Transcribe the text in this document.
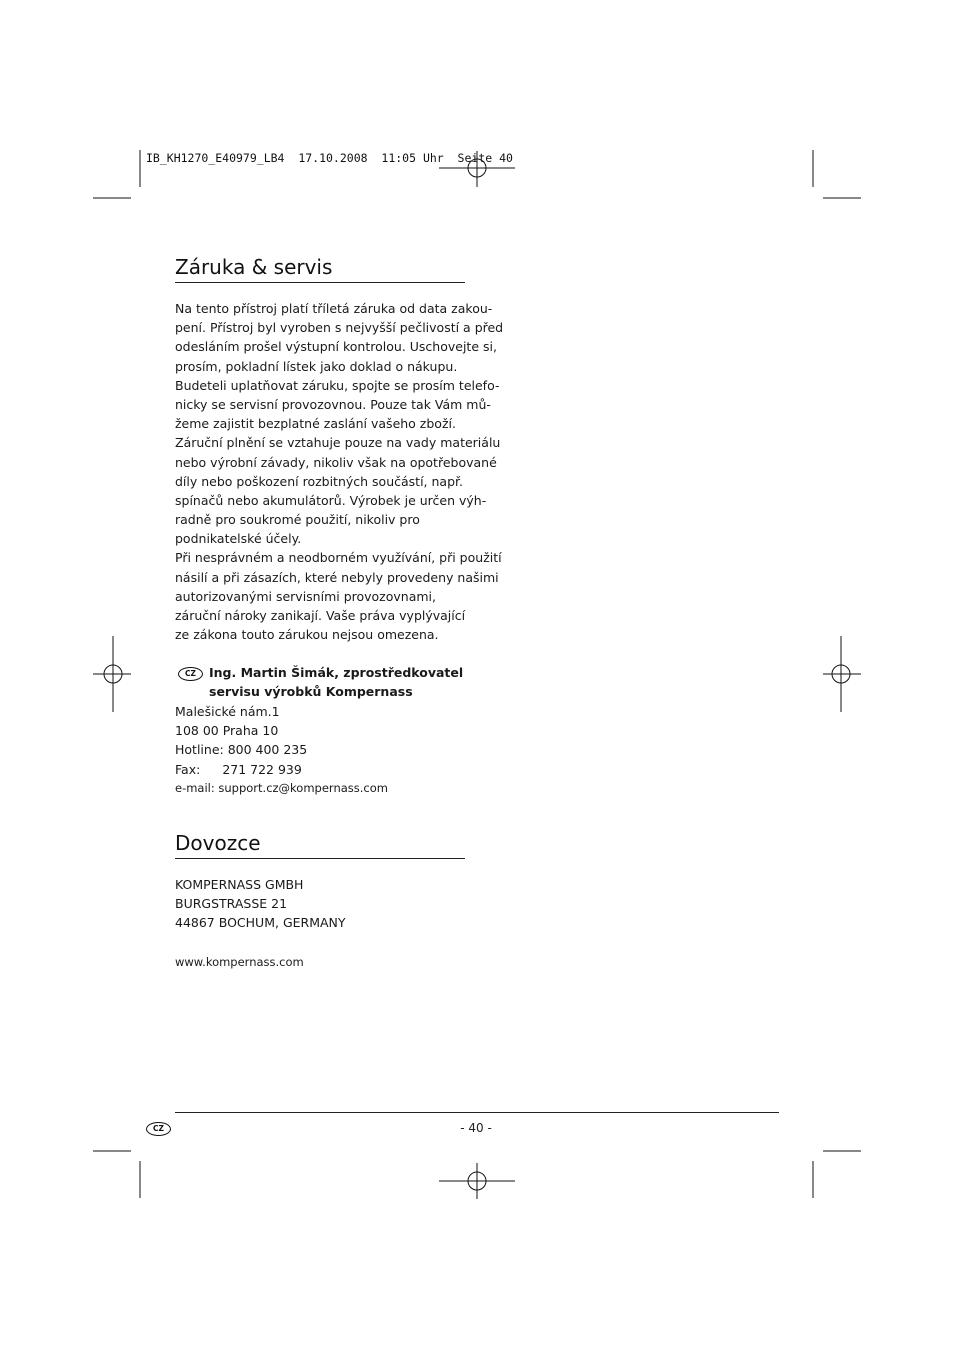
IB_KH1270_E40979_LB4  17.10.2008  11:05 Uhr  Seite 40
Záruka & servis
Na tento přístroj platí tříletá záruka od data zakou-
pení. Přístroj byl vyroben s nejvyšší pečlivostí a před
odesláním prošel výstupní kontrolou. Uschovejte si,
prosím, pokladní lístek jako doklad o nákupu.
Budeteli uplatňovat záruku, spojte se prosím telefo-
nicky se servisní provozovnou. Pouze tak Vám mů-
žeme zajistit bezplatné zaslání vašeho zboží.
Záruční plnění se vztahuje pouze na vady materiálu
nebo výrobní závady, nikoliv však na opotřebované
díly nebo poškození rozbitných součástí, např.
spínačů nebo akumulátorů. Výrobek je určen výh-
radně pro soukromé použití, nikoliv pro
podnikatelské účely.
Při nesprávném a neodborném využívání, při použití
násilí a při zásazích, které nebyly provedeny našimi
autorizovanými servisními provozovnami,
záruční nároky zanikají. Vaše práva vyplývající
ze zákona touto zárukou nejsou omezena.
CZ	Ing. Martin Šimák, zprostředkovatel
servisu výrobků Kompernass
Malešické nám.1
108 00 Praha 10
Hotline: 800 400 235
Fax: 271 722 939
e-mail: support.cz@kompernass.com
Dovozce
KOMPERNASS GMBH
BURGSTRASSE 21
44867 BOCHUM, GERMANY
www.kompernass.com
CZ	- 40 -
